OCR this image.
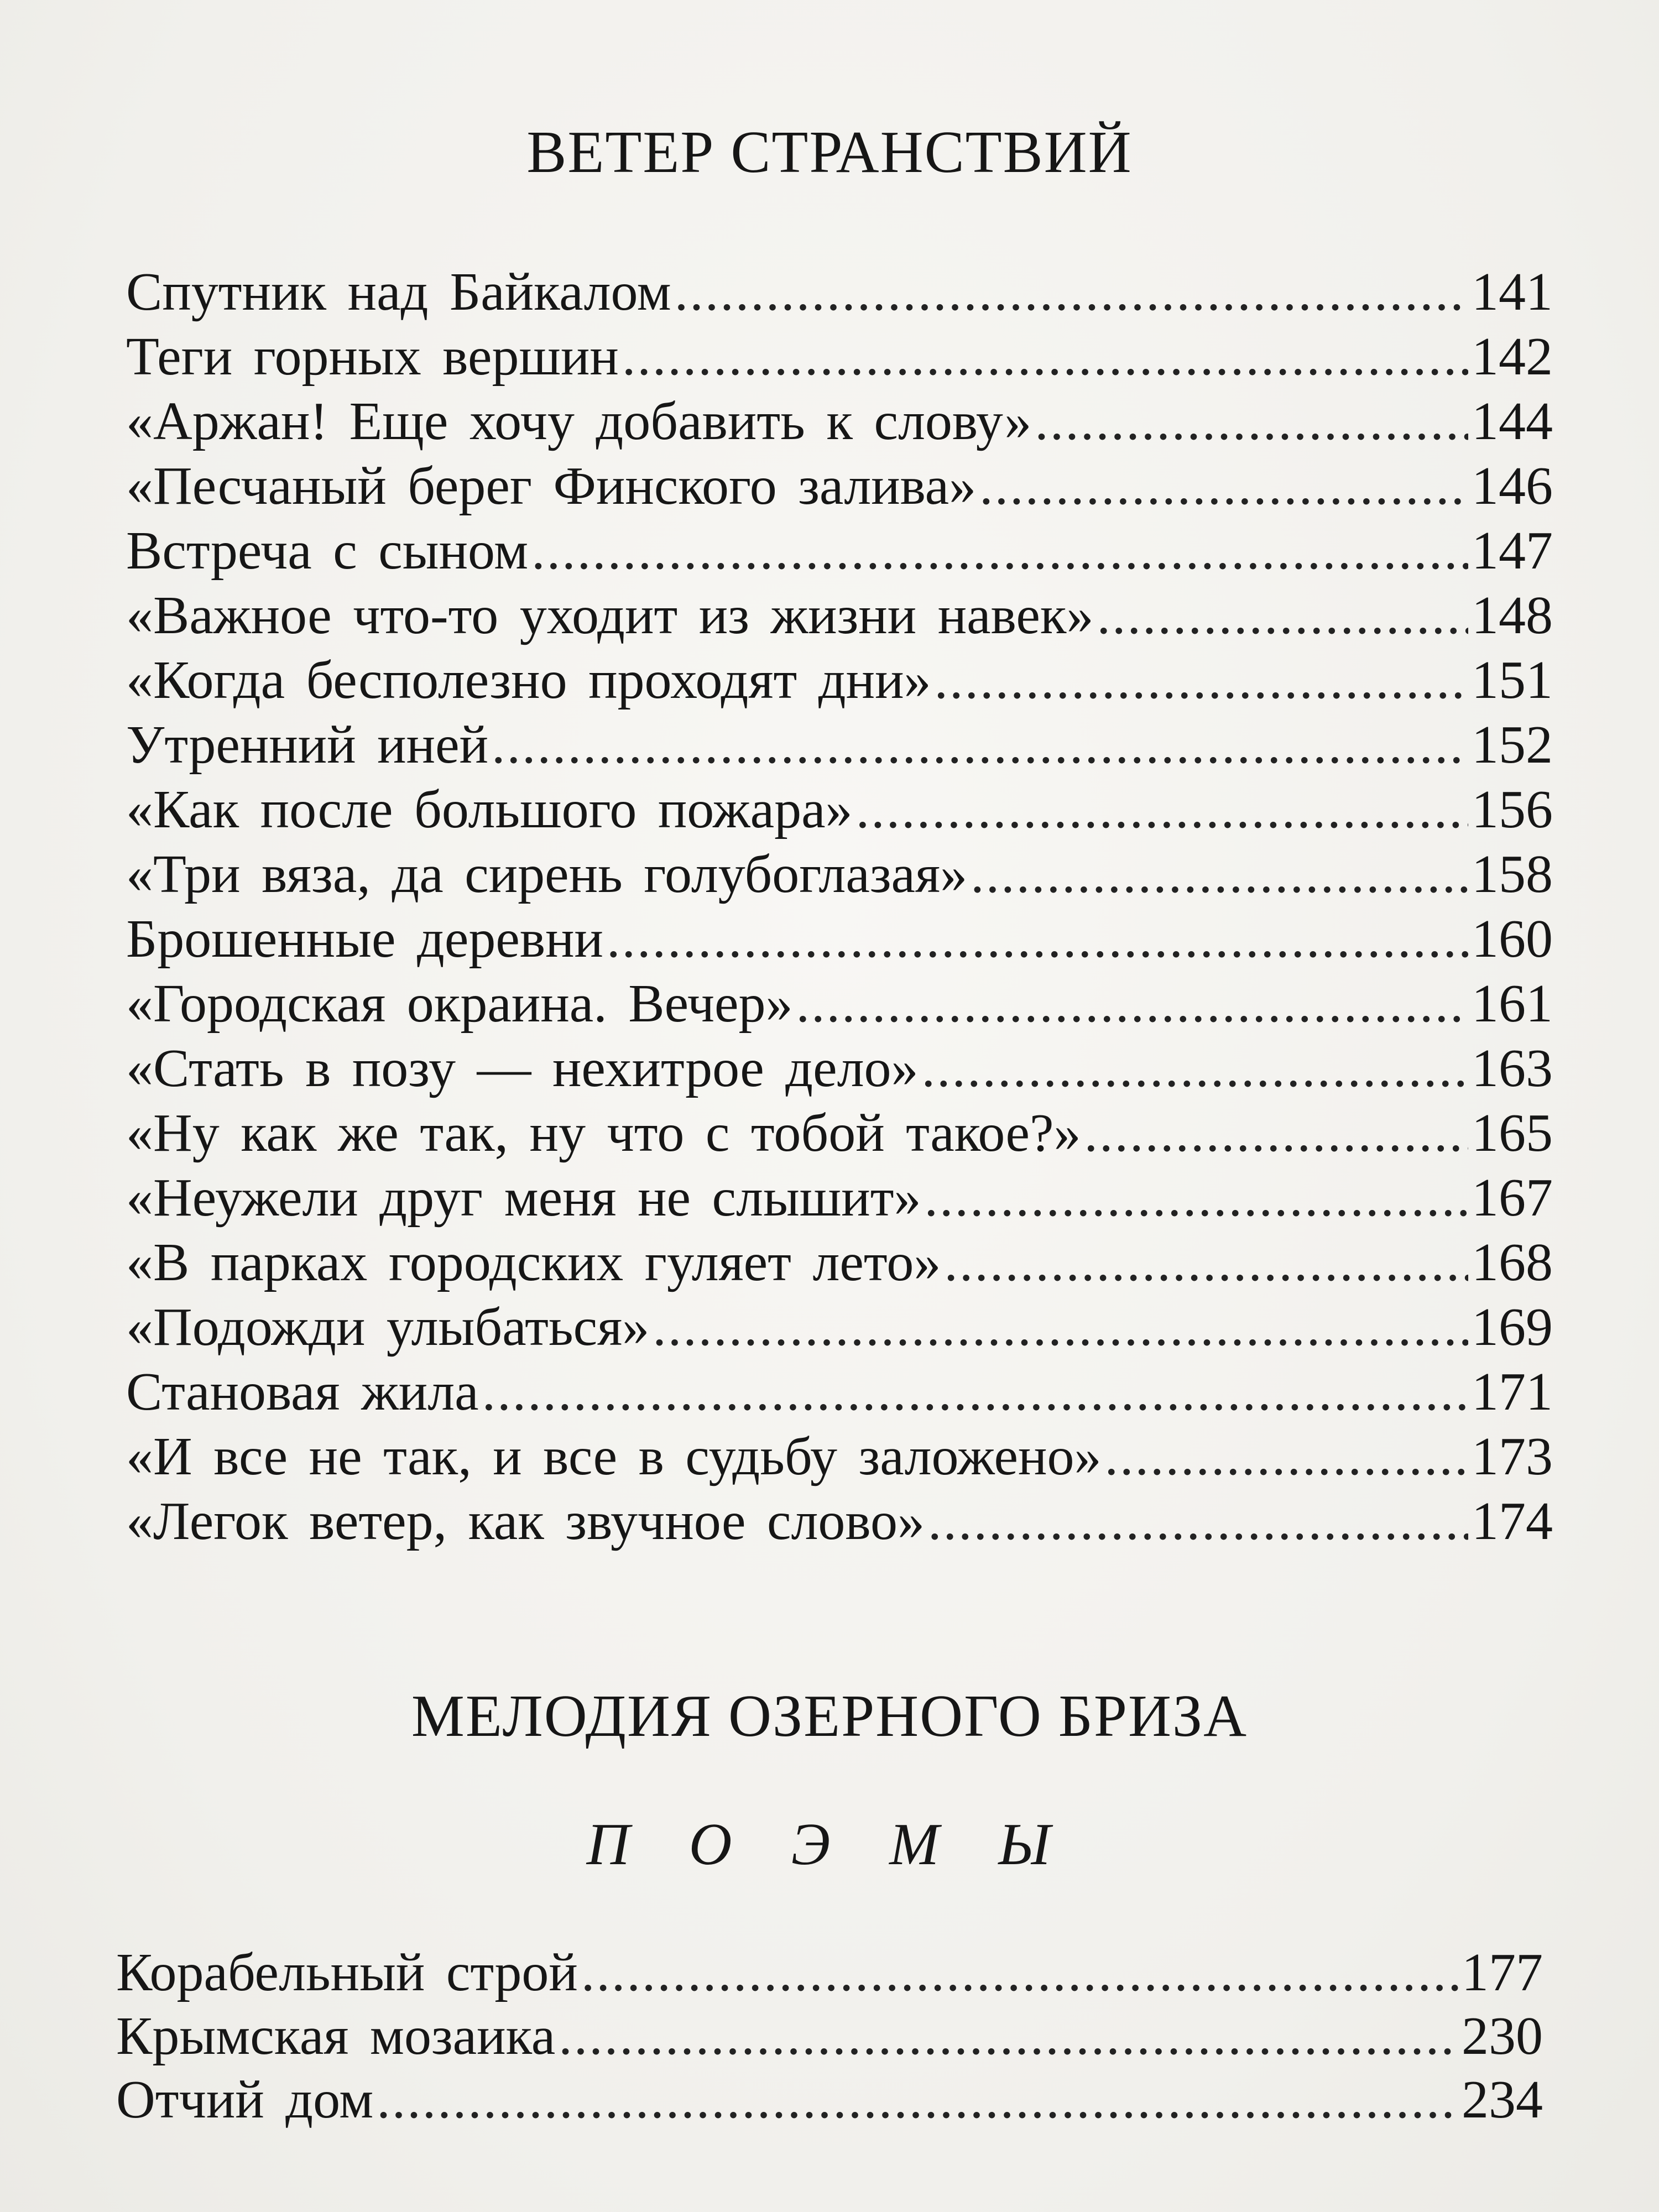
ВЕТЕР СТРАНСТВИЙ
Спутник над Байкалом .....	141
Теги горных вершин .....	142
«Аржан! Еще хочу добавить к слову» .....	144
«Песчаный берег Финского залива» .....	146
Встреча с сыном .....	147
«Важное что-то уходит из жизни навек» .....	148
«Когда бесполезно проходят дни» .....	151
Утренний иней .....	152
«Как после большого пожара» .....	156
«Три вяза, да сирень голубоглазая» .....	158
Брошенные деревни .....	160
«Городская окраина. Вечер» .....	161
«Стать в позу — нехитрое дело» .....	163
«Ну как же так, ну что с тобой такое?» .....	165
«Неужели друг меня не слышит» .....	167
«В парках городских гуляет лето» .....	168
«Подожди улыбаться» .....	169
Становая жила .....	171
«И все не так, и все в судьбу заложено» .....	173
«Легок ветер, как звучное слово» .....	174
МЕЛОДИЯ ОЗЕРНОГО БРИЗА
П О Э М Ы
Корабельный строй .....	177
Крымская мозаика .....	230
Отчий дом .....	234
